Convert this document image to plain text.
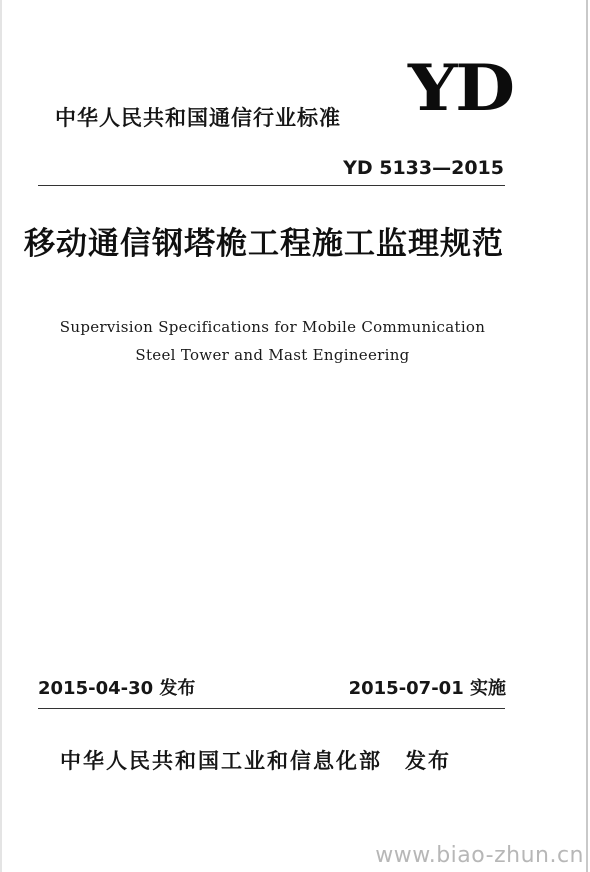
YD
中华人民共和国通信行业标准
YD 5133—2015
移动通信钢塔桅工程施工监理规范
Supervision Specifications for Mobile Communication
Steel Tower and Mast Engineering
2015-04-30 发布	2015-07-01 实施
中华人民共和国工业和信息化部　发布
www.biao-zhun.cn
